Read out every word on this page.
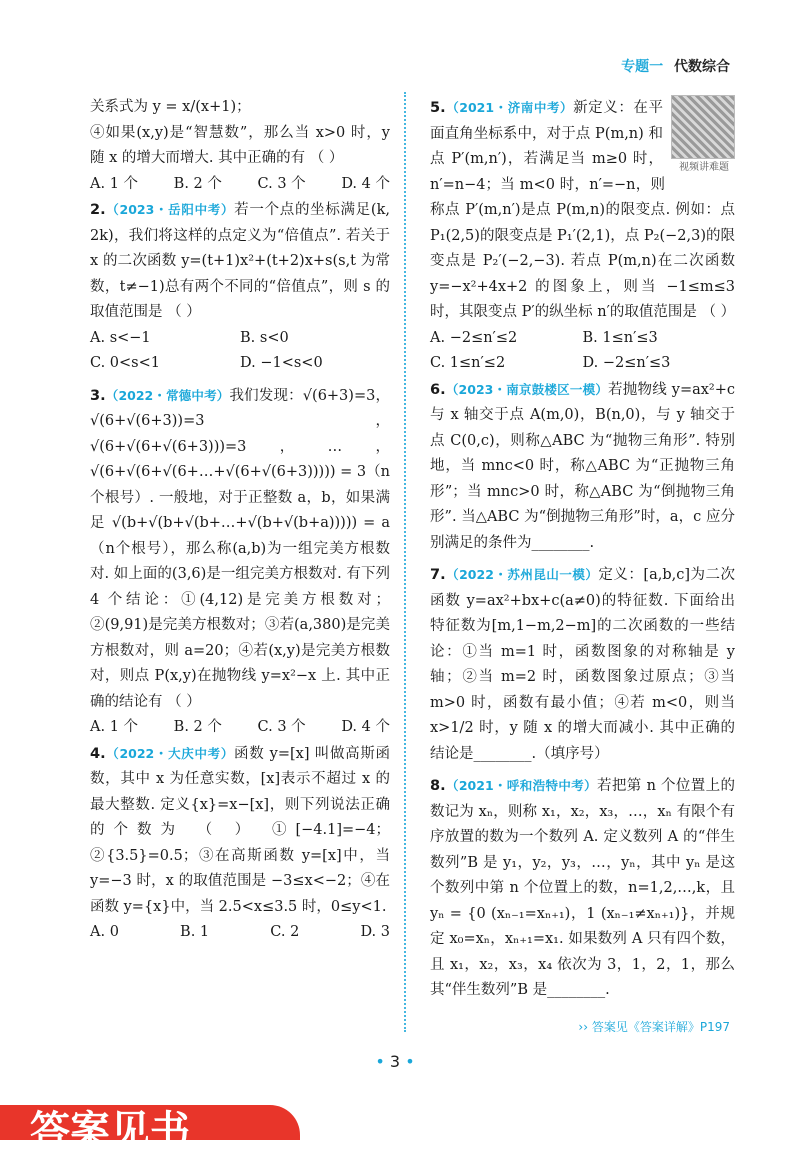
专题一 代数综合

关系式为 y = x/(x+1)；

④如果(x,y)是“智慧数”，那么当 x>0 时，y 随 x 的增大而增大. 其中正确的有 （ ）

A. 1 个 B. 2 个 C. 3 个 D. 4 个

2.（2023・岳阳中考）若一个点的坐标满足(k, 2k)，我们将这样的点定义为“倍值点”. 若关于 x 的二次函数 y=(t+1)x²+(t+2)x+s(s,t 为常数，t≠−1)总有两个不同的“倍值点”，则 s 的取值范围是 （ ）

A. s<−1	B. s<0
C. 0<s<1	D. −1<s<0

3.（2022・常德中考）我们发现：√(6+3)=3，√(6+√(6+3))=3，√(6+√(6+√(6+3)))=3，…，√(6+√(6+√(6+…+√(6+√(6+3))))) = 3（n个根号）. 一般地，对于正整数 a，b，如果满足 √(b+√(b+√(b+…+√(b+√(b+a))))) = a（n个根号），那么称(a,b)为一组完美方根数对. 如上面的(3,6)是一组完美方根数对. 有下列 4 个结论：①(4,12)是完美方根数对；②(9,91)是完美方根数对；③若(a,380)是完美方根数对，则 a=20；④若(x,y)是完美方根数对，则点 P(x,y)在抛物线 y=x²−x 上. 其中正确的结论有 （ ）

A. 1 个 B. 2 个 C. 3 个 D. 4 个

4.（2022・大庆中考）函数 y=[x] 叫做高斯函数，其中 x 为任意实数，[x]表示不超过 x 的最大整数. 定义{x}=x−[x]，则下列说法正确的个数为 （ ） ①[−4.1]=−4；②{3.5}=0.5；③在高斯函数 y=[x]中，当 y=−3 时，x 的取值范围是 −3≤x<−2；④在函数 y={x}中，当 2.5<x≤3.5 时，0≤y<1.

A. 0	B. 1	C. 2	D. 3
视频讲难题

5.（2021・济南中考）新定义：在平面直角坐标系中，对于点 P(m,n) 和点 P′(m,n′)，若满足当 m≥0 时，n′=n−4；当 m<0 时，n′=−n，则称点 P′(m,n′)是点 P(m,n)的限变点. 例如：点 P₁(2,5)的限变点是 P₁′(2,1)，点 P₂(−2,3)的限变点是 P₂′(−2,−3). 若点 P(m,n)在二次函数 y=−x²+4x+2 的图象上，则当 −1≤m≤3 时，其限变点 P′的纵坐标 n′的取值范围是 （ ）

A. −2≤n′≤2	B. 1≤n′≤3
C. 1≤n′≤2	D. −2≤n′≤3

6.（2023・南京鼓楼区一模）若抛物线 y=ax²+c 与 x 轴交于点 A(m,0)，B(n,0)，与 y 轴交于点 C(0,c)，则称△ABC 为“抛物三角形”. 特别地，当 mnc<0 时，称△ABC 为“正抛物三角形”；当 mnc>0 时，称△ABC 为“倒抛物三角形”. 当△ABC 为“倒抛物三角形”时，a，c 应分别满足的条件为________.

7.（2022・苏州昆山一模）定义：[a,b,c]为二次函数 y=ax²+bx+c(a≠0)的特征数. 下面给出特征数为[m,1−m,2−m]的二次函数的一些结论：①当 m=1 时，函数图象的对称轴是 y 轴；②当 m=2 时，函数图象过原点；③当 m>0 时，函数有最小值；④若 m<0，则当 x>1/2 时，y 随 x 的增大而减小. 其中正确的结论是________.（填序号）

8.（2021・呼和浩特中考）若把第 n 个位置上的数记为 xₙ，则称 x₁，x₂，x₃，…，xₙ 有限个有序放置的数为一个数列 A. 定义数列 A 的“伴生数列”B 是 y₁，y₂，y₃，…，yₙ，其中 yₙ 是这个数列中第 n 个位置上的数，n=1,2,…,k，且 yₙ = {0 (xₙ₋₁=xₙ₊₁)，1 (xₙ₋₁≠xₙ₊₁)}，并规定 x₀=xₙ，xₙ₊₁=x₁. 如果数列 A 只有四个数，且 x₁，x₂，x₃，x₄ 依次为 3，1，2，1，那么其“伴生数列”B 是________.

›› 答案见《答案详解》P197
• 3 •
答案见书
